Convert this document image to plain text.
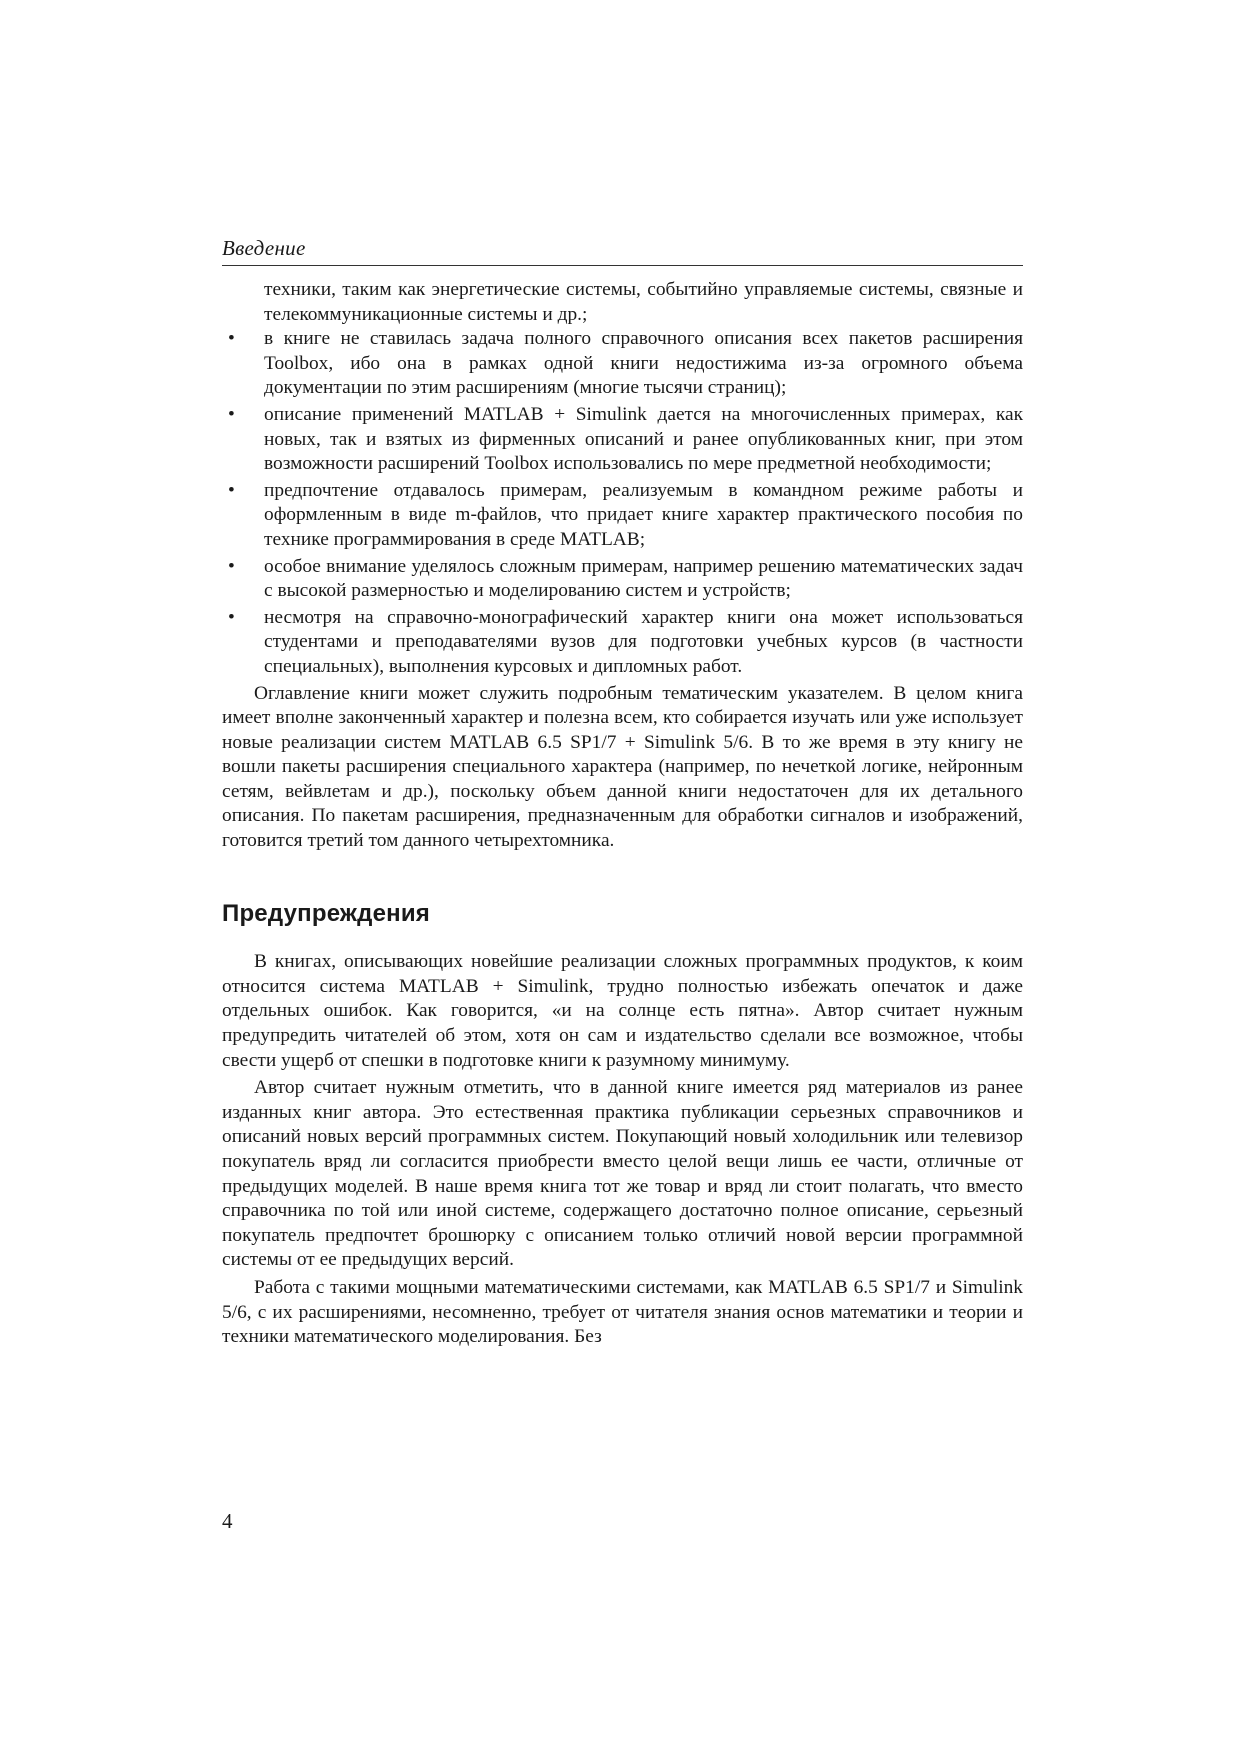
Введение

техники, таким как энергетические системы, событийно управляемые системы, связные и телекоммуникационные системы и др.;

• в книге не ставилась задача полного справочного описания всех пакетов расширения Toolbox, ибо она в рамках одной книги недостижима из-за огромного объема документации по этим расширениям (многие тысячи страниц);
• описание применений MATLAB + Simulink дается на многочисленных примерах, как новых, так и взятых из фирменных описаний и ранее опубликованных книг, при этом возможности расширений Toolbox использовались по мере предметной необходимости;
• предпочтение отдавалось примерам, реализуемым в командном режиме работы и оформленным в виде m-файлов, что придает книге характер практического пособия по технике программирования в среде MATLAB;
• особое внимание уделялось сложным примерам, например решению математических задач с высокой размерностью и моделированию систем и устройств;
• несмотря на справочно-монографический характер книги она может использоваться студентами и преподавателями вузов для подготовки учебных курсов (в частности специальных), выполнения курсовых и дипломных работ.

Оглавление книги может служить подробным тематическим указателем. В целом книга имеет вполне законченный характер и полезна всем, кто собирается изучать или уже использует новые реализации систем MATLAB 6.5 SP1/7 + Simulink 5/6. В то же время в эту книгу не вошли пакеты расширения специального характера (например, по нечеткой логике, нейронным сетям, вейвлетам и др.), поскольку объем данной книги недостаточен для их детального описания. По пакетам расширения, предназначенным для обработки сигналов и изображений, готовится третий том данного четырехтомника.

Предупреждения

В книгах, описывающих новейшие реализации сложных программных продуктов, к коим относится система MATLAB + Simulink, трудно полностью избежать опечаток и даже отдельных ошибок. Как говорится, «и на солнце есть пятна». Автор считает нужным предупредить читателей об этом, хотя он сам и издательство сделали все возможное, чтобы свести ущерб от спешки в подготовке книги к разумному минимуму.

Автор считает нужным отметить, что в данной книге имеется ряд материалов из ранее изданных книг автора. Это естественная практика публикации серьезных справочников и описаний новых версий программных систем. Покупающий новый холодильник или телевизор покупатель вряд ли согласится приобрести вместо целой вещи лишь ее части, отличные от предыдущих моделей. В наше время книга тот же товар и вряд ли стоит полагать, что вместо справочника по той или иной системе, содержащего достаточно полное описание, серьезный покупатель предпочтет брошюрку с описанием только отличий новой версии программной системы от ее предыдущих версий.

Работа с такими мощными математическими системами, как MATLAB 6.5 SP1/7 и Simulink 5/6, с их расширениями, несомненно, требует от читателя знания основ математики и теории и техники математического моделирования. Без

4
